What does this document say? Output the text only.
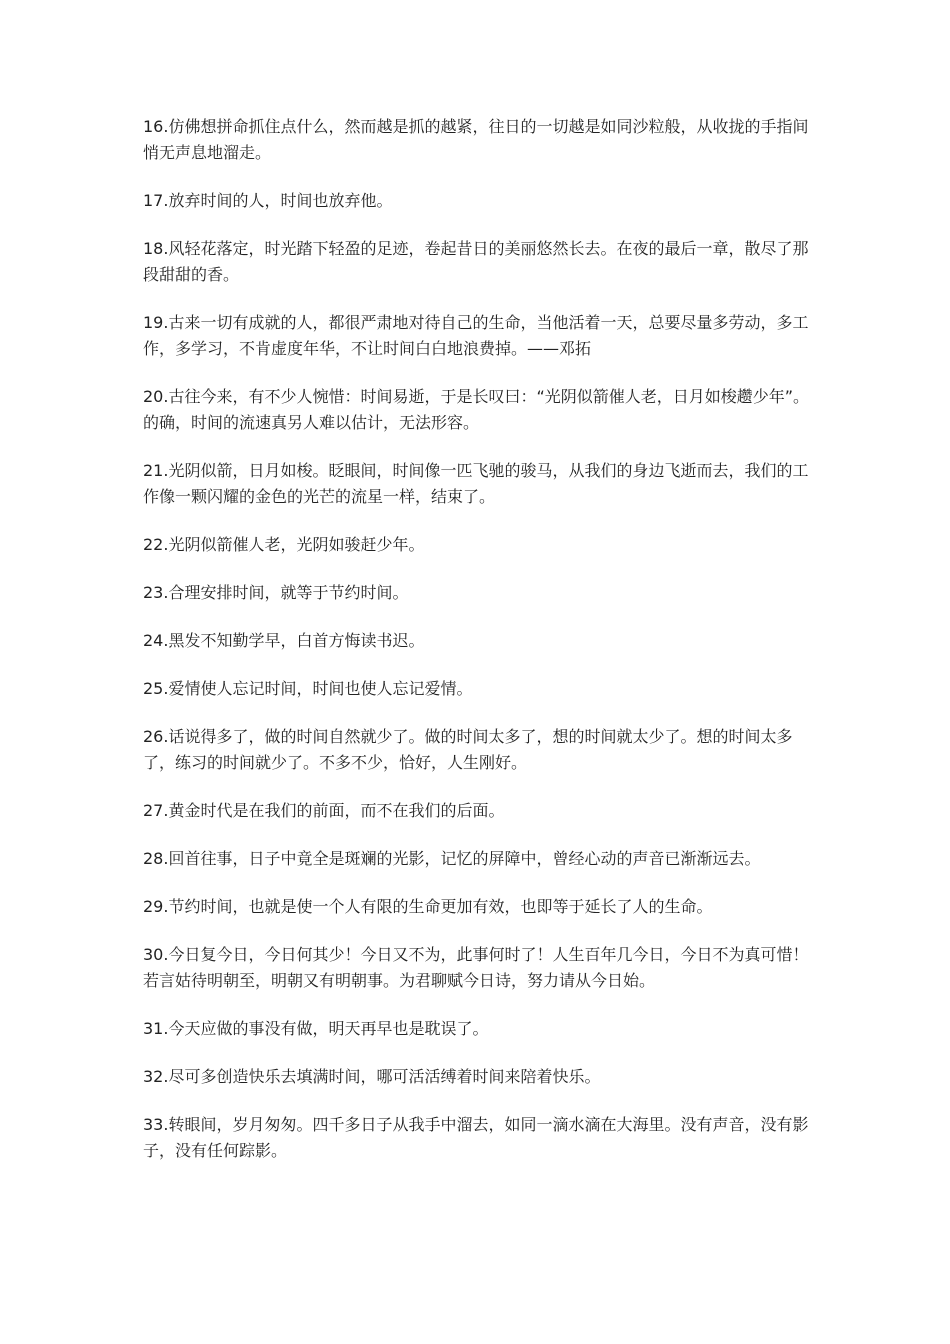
16.仿佛想拼命抓住点什么，然而越是抓的越紧，往日的一切越是如同沙粒般，从收拢的手指间悄无声息地溜走。

17.放弃时间的人，时间也放弃他。

18.风轻花落定，时光踏下轻盈的足迹，卷起昔日的美丽悠然长去。在夜的最后一章，散尽了那段甜甜的香。

19.古来一切有成就的人，都很严肃地对待自己的生命，当他活着一天，总要尽量多劳动，多工作，多学习，不肯虚度年华，不让时间白白地浪费掉。——邓拓

20.古往今来，有不少人惋惜：时间易逝，于是长叹曰：“光阴似箭催人老，日月如梭趱少年”。的确，时间的流速真另人难以估计，无法形容。

21.光阴似箭，日月如梭。眨眼间，时间像一匹飞驰的骏马，从我们的身边飞逝而去，我们的工作像一颗闪耀的金色的光芒的流星一样，结束了。

22.光阴似箭催人老，光阴如骏赶少年。

23.合理安排时间，就等于节约时间。

24.黑发不知勤学早，白首方悔读书迟。

25.爱情使人忘记时间，时间也使人忘记爱情。

26.话说得多了，做的时间自然就少了。做的时间太多了，想的时间就太少了。想的时间太多了，练习的时间就少了。不多不少，恰好，人生刚好。

27.黄金时代是在我们的前面，而不在我们的后面。

28.回首往事，日子中竟全是斑斓的光影，记忆的屏障中，曾经心动的声音已渐渐远去。

29.节约时间，也就是使一个人有限的生命更加有效，也即等于延长了人的生命。

30.今日复今日，今日何其少！今日又不为，此事何时了！人生百年几今日，今日不为真可惜！若言姑待明朝至，明朝又有明朝事。为君聊赋今日诗，努力请从今日始。

31.今天应做的事没有做，明天再早也是耽误了。

32.尽可多创造快乐去填满时间，哪可活活缚着时间来陪着快乐。

33.转眼间，岁月匆匆。四千多日子从我手中溜去，如同一滴水滴在大海里。没有声音，没有影子，没有任何踪影。
